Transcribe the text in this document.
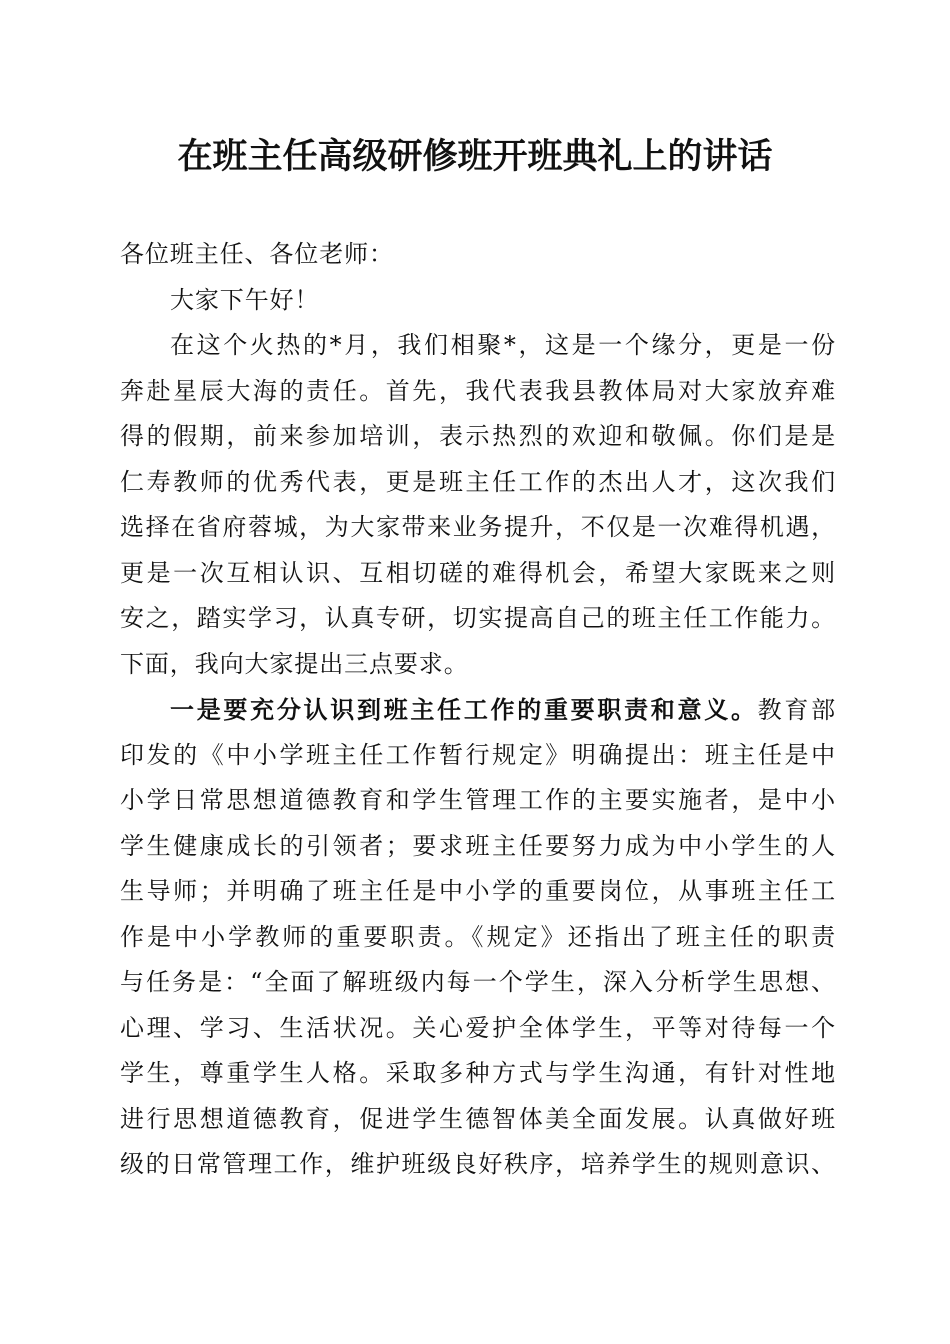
在班主任高级研修班开班典礼上的讲话
各位班主任、各位老师：
大家下午好！
在这个火热的*月，我们相聚*，这是一个缘分，更是一份
奔赴星辰大海的责任。首先，我代表我县教体局对大家放弃难
得的假期，前来参加培训，表示热烈的欢迎和敬佩。你们是是
仁寿教师的优秀代表，更是班主任工作的杰出人才，这次我们
选择在省府蓉城，为大家带来业务提升，不仅是一次难得机遇，
更是一次互相认识、互相切磋的难得机会，希望大家既来之则
安之，踏实学习，认真专研，切实提高自己的班主任工作能力。
下面，我向大家提出三点要求。
一是要充分认识到班主任工作的重要职责和意义。教育部
印发的《中小学班主任工作暂行规定》明确提出：班主任是中
小学日常思想道德教育和学生管理工作的主要实施者，是中小
学生健康成长的引领者；要求班主任要努力成为中小学生的人
生导师；并明确了班主任是中小学的重要岗位，从事班主任工
作是中小学教师的重要职责。《规定》还指出了班主任的职责
与任务是：“全面了解班级内每一个学生，深入分析学生思想、
心理、学习、生活状况。关心爱护全体学生，平等对待每一个
学生，尊重学生人格。采取多种方式与学生沟通，有针对性地
进行思想道德教育，促进学生德智体美全面发展。认真做好班
级的日常管理工作，维护班级良好秩序，培养学生的规则意识、
